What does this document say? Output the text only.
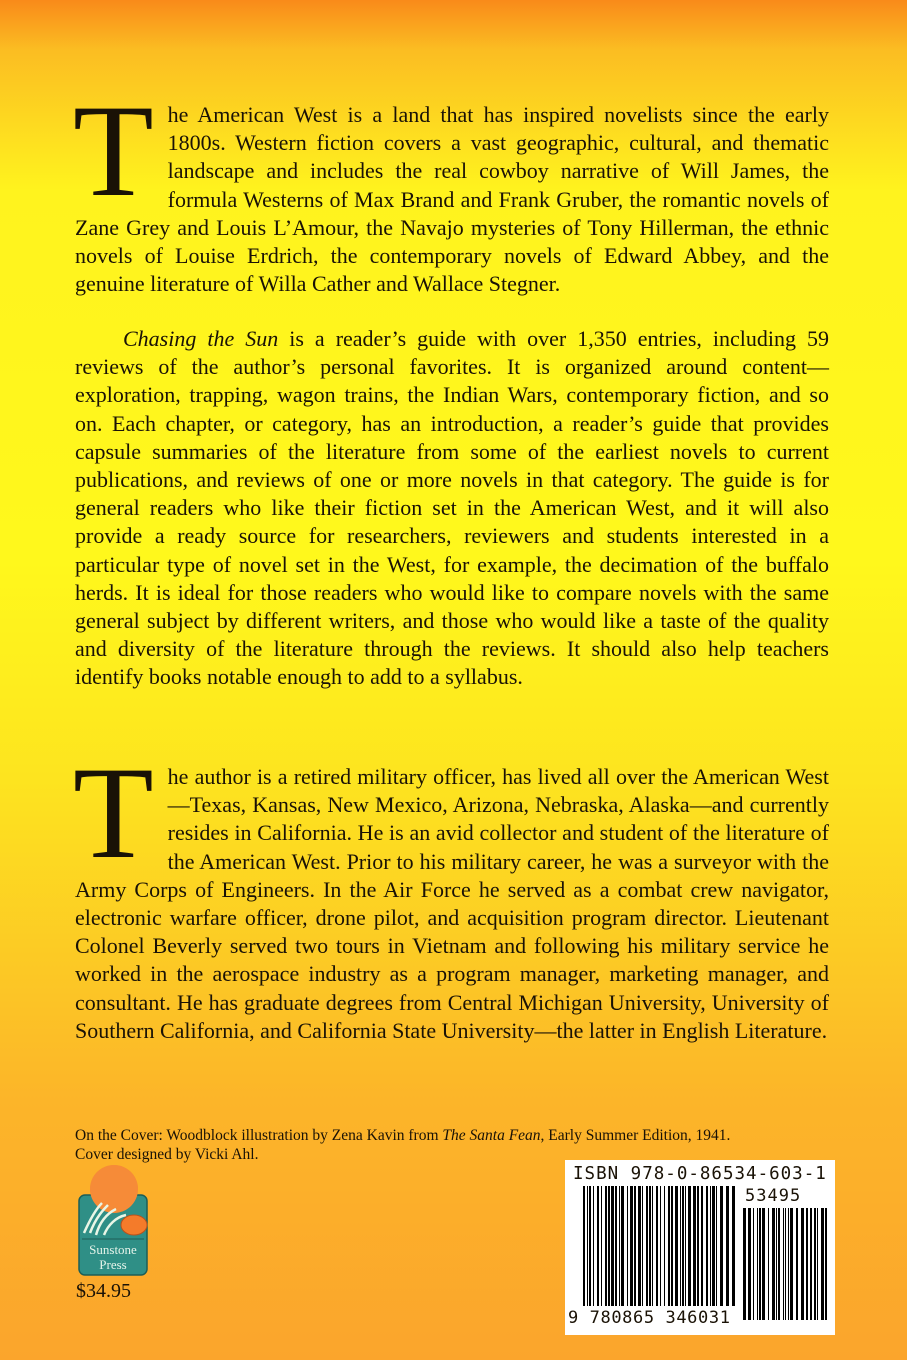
The American West is a land that has inspired novelists since the early 1800s. Western fiction covers a vast geographic, cultural, and thematic landscape and includes the real cowboy narrative of Will James, the formula Westerns of Max Brand and Frank Gruber, the romantic novels of Zane Grey and Louis L’Amour, the Navajo mysteries of Tony Hillerman, the ethnic novels of Louise Erdrich, the contemporary novels of Edward Abbey, and the genuine literature of Willa Cather and Wallace Stegner.

Chasing the Sun is a reader’s guide with over 1,350 entries, including 59 reviews of the author’s personal favorites. It is organized around content—exploration, trapping, wagon trains, the Indian Wars, contemporary fiction, and so on. Each chapter, or category, has an introduction, a reader’s guide that provides capsule summaries of the literature from some of the earliest novels to current publications, and reviews of one or more novels in that category. The guide is for general readers who like their fiction set in the American West, and it will also provide a ready source for researchers, reviewers and students interested in a particular type of novel set in the West, for example, the decimation of the buffalo herds. It is ideal for those readers who would like to compare novels with the same general subject by different writers, and those who would like a taste of the quality and diversity of the literature through the reviews. It should also help teachers identify books notable enough to add to a syllabus.

The author is a retired military officer, has lived all over the American West—Texas, Kansas, New Mexico, Arizona, Nebraska, Alaska—and currently resides in California. He is an avid collector and student of the literature of the American West. Prior to his military career, he was a surveyor with the Army Corps of Engineers. In the Air Force he served as a combat crew navigator, electronic warfare officer, drone pilot, and acquisition program director. Lieutenant Colonel Beverly served two tours in Vietnam and following his military service he worked in the aerospace industry as a program manager, marketing manager, and consultant. He has graduate degrees from Central Michigan University, University of Southern California, and California State University—the latter in English Literature.

On the Cover: Woodblock illustration by Zena Kavin from The Santa Fean, Early Summer Edition, 1941.
Cover designed by Vicki Ahl.

Sunstone
Press
$34.95
ISBN 978-0-86534-603-1
53495
9 780865 346031
